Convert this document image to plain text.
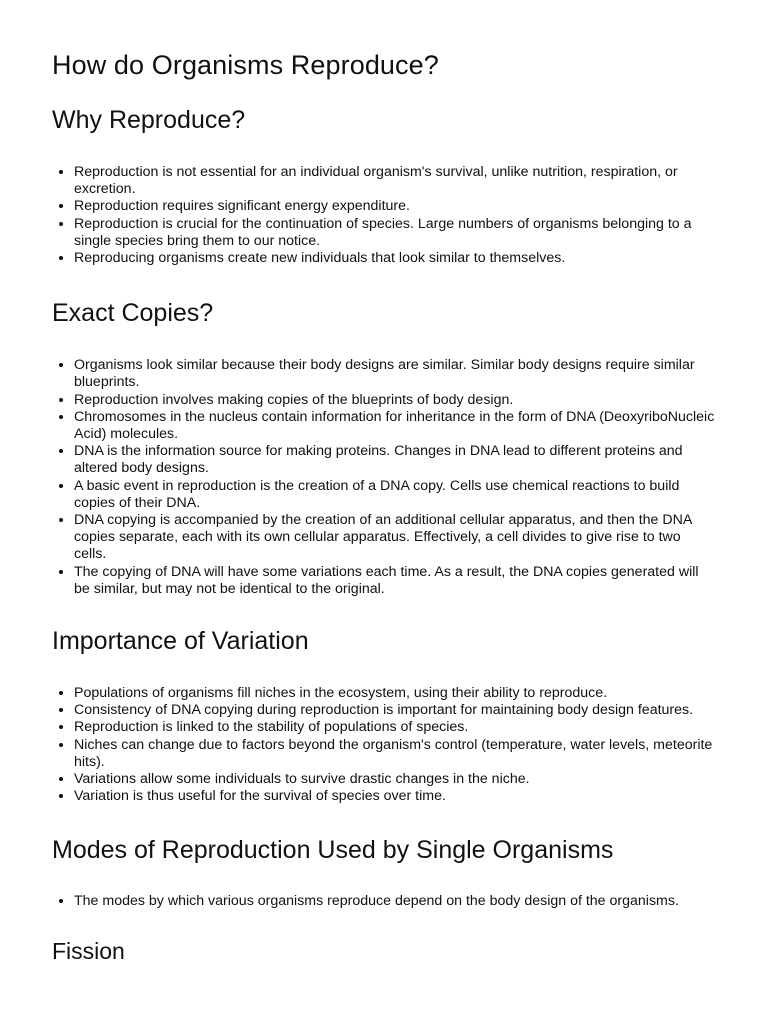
How do Organisms Reproduce?
Why Reproduce?
• Reproduction is not essential for an individual organism's survival, unlike nutrition, respiration, or excretion.
• Reproduction requires significant energy expenditure.
• Reproduction is crucial for the continuation of species. Large numbers of organisms belonging to a single species bring them to our notice.
• Reproducing organisms create new individuals that look similar to themselves.
Exact Copies?
• Organisms look similar because their body designs are similar. Similar body designs require similar blueprints.
• Reproduction involves making copies of the blueprints of body design.
• Chromosomes in the nucleus contain information for inheritance in the form of DNA (DeoxyriboNucleic Acid) molecules.
• DNA is the information source for making proteins. Changes in DNA lead to different proteins and altered body designs.
• A basic event in reproduction is the creation of a DNA copy. Cells use chemical reactions to build copies of their DNA.
• DNA copying is accompanied by the creation of an additional cellular apparatus, and then the DNA copies separate, each with its own cellular apparatus. Effectively, a cell divides to give rise to two cells.
• The copying of DNA will have some variations each time. As a result, the DNA copies generated will be similar, but may not be identical to the original.
Importance of Variation
• Populations of organisms fill niches in the ecosystem, using their ability to reproduce.
• Consistency of DNA copying during reproduction is important for maintaining body design features.
• Reproduction is linked to the stability of populations of species.
• Niches can change due to factors beyond the organism's control (temperature, water levels, meteorite hits).
• Variations allow some individuals to survive drastic changes in the niche.
• Variation is thus useful for the survival of species over time.
Modes of Reproduction Used by Single Organisms
• The modes by which various organisms reproduce depend on the body design of the organisms.
Fission
